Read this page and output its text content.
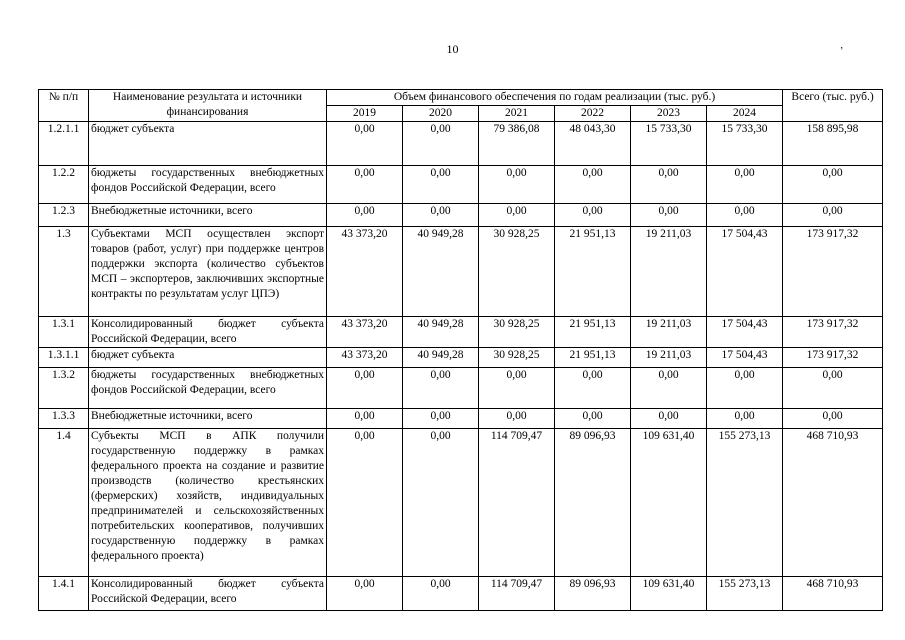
10	ʼ
№ п/п	Наименование результата и источники финансирования	Объем финансового обеспечения по годам реализации (тыс. руб.)						Всего (тыс. руб.)
		2019	2020	2021	2022	2023	2024	
1.2.1.1	бюджет субъекта	0,00	0,00	79 386,08	48 043,30	15 733,30	15 733,30	158 895,98
1.2.2	бюджеты государственных внебюджетных фондов Российской Федерации, всего	0,00	0,00	0,00	0,00	0,00	0,00	0,00
1.2.3	Внебюджетные источники, всего	0,00	0,00	0,00	0,00	0,00	0,00	0,00
1.3	Субъектами МСП осуществлен экспорт товаров (работ, услуг) при поддержке центров поддержки экспорта (количество субъектов МСП – экспортеров, заключивших экспортные контракты по результатам услуг ЦПЭ)	43 373,20	40 949,28	30 928,25	21 951,13	19 211,03	17 504,43	173 917,32
1.3.1	Консолидированный бюджет субъекта Российской Федерации, всего	43 373,20	40 949,28	30 928,25	21 951,13	19 211,03	17 504,43	173 917,32
1.3.1.1	бюджет субъекта	43 373,20	40 949,28	30 928,25	21 951,13	19 211,03	17 504,43	173 917,32
1.3.2	бюджеты государственных внебюджетных фондов Российской Федерации, всего	0,00	0,00	0,00	0,00	0,00	0,00	0,00
1.3.3	Внебюджетные источники, всего	0,00	0,00	0,00	0,00	0,00	0,00	0,00
1.4	Субъекты МСП в АПК получили государственную поддержку в рамках федерального проекта на создание и развитие производств (количество крестьянских (фермерских) хозяйств, индивидуальных предпринимателей и сельскохозяйственных потребительских кооперативов, получивших государственную поддержку в рамках федерального проекта)	0,00	0,00	114 709,47	89 096,93	109 631,40	155 273,13	468 710,93
1.4.1	Консолидированный бюджет субъекта Российской Федерации, всего	0,00	0,00	114 709,47	89 096,93	109 631,40	155 273,13	468 710,93
